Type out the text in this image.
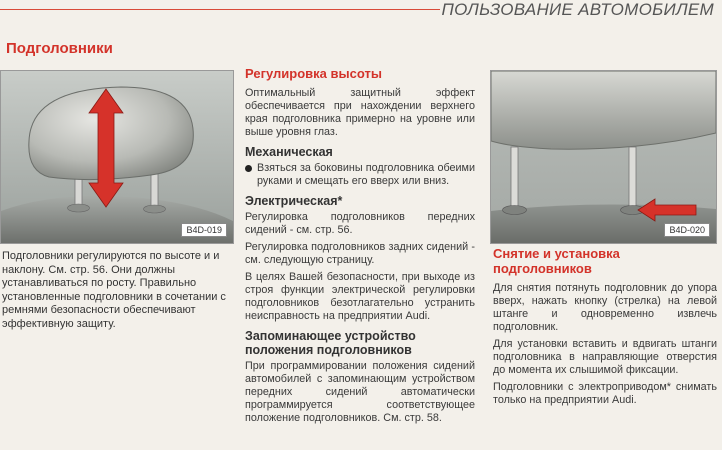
ПОЛЬЗОВАНИЕ АВТОМОБИЛЕМ
Подголовники
B4D-019

Подголовники регулируются по высоте и и наклону. См. стр. 56. Они должны устанавливаться по росту. Правильно установленные подголовники в сочетании с ремнями безопасности обеспечивают эффективную защиту.

Регулировка высоты

Оптимальный защитный эффект обеспечивается при нахождении верхнего края подголовника примерно на уровне или выше уровня глаз.

Механическая
Взяться за боковины подголовника обеими руками и смещать его вверх или вниз.
Электрическая*

Регулировка подголовников передних сидений - см. стр. 56.

Регулировка подголовников задних сидений - см. следующую страницу.

В целях Вашей безопасности, при выходе из строя функции электрической регулировки подголовников безотлагательно устранить неисправность на предприятии Audi.

Запоминающее устройство положения подголовников

При программировании положения сидений автомобилей с запоминающим устройством передних сидений автоматически программируется соответствующее положение подголовников. См. стр. 58.

B4D-020
Снятие и установка подголовников

Для снятия потянуть подголовник до упора вверх, нажать кнопку (стрелка) на левой штанге и одновременно извлечь подголовник.

Для установки вставить и вдвигать штанги подголовника в направляющие отверстия до момента их слышимой фиксации.

Подголовники с электроприводом* снимать только на предприятии Audi.
